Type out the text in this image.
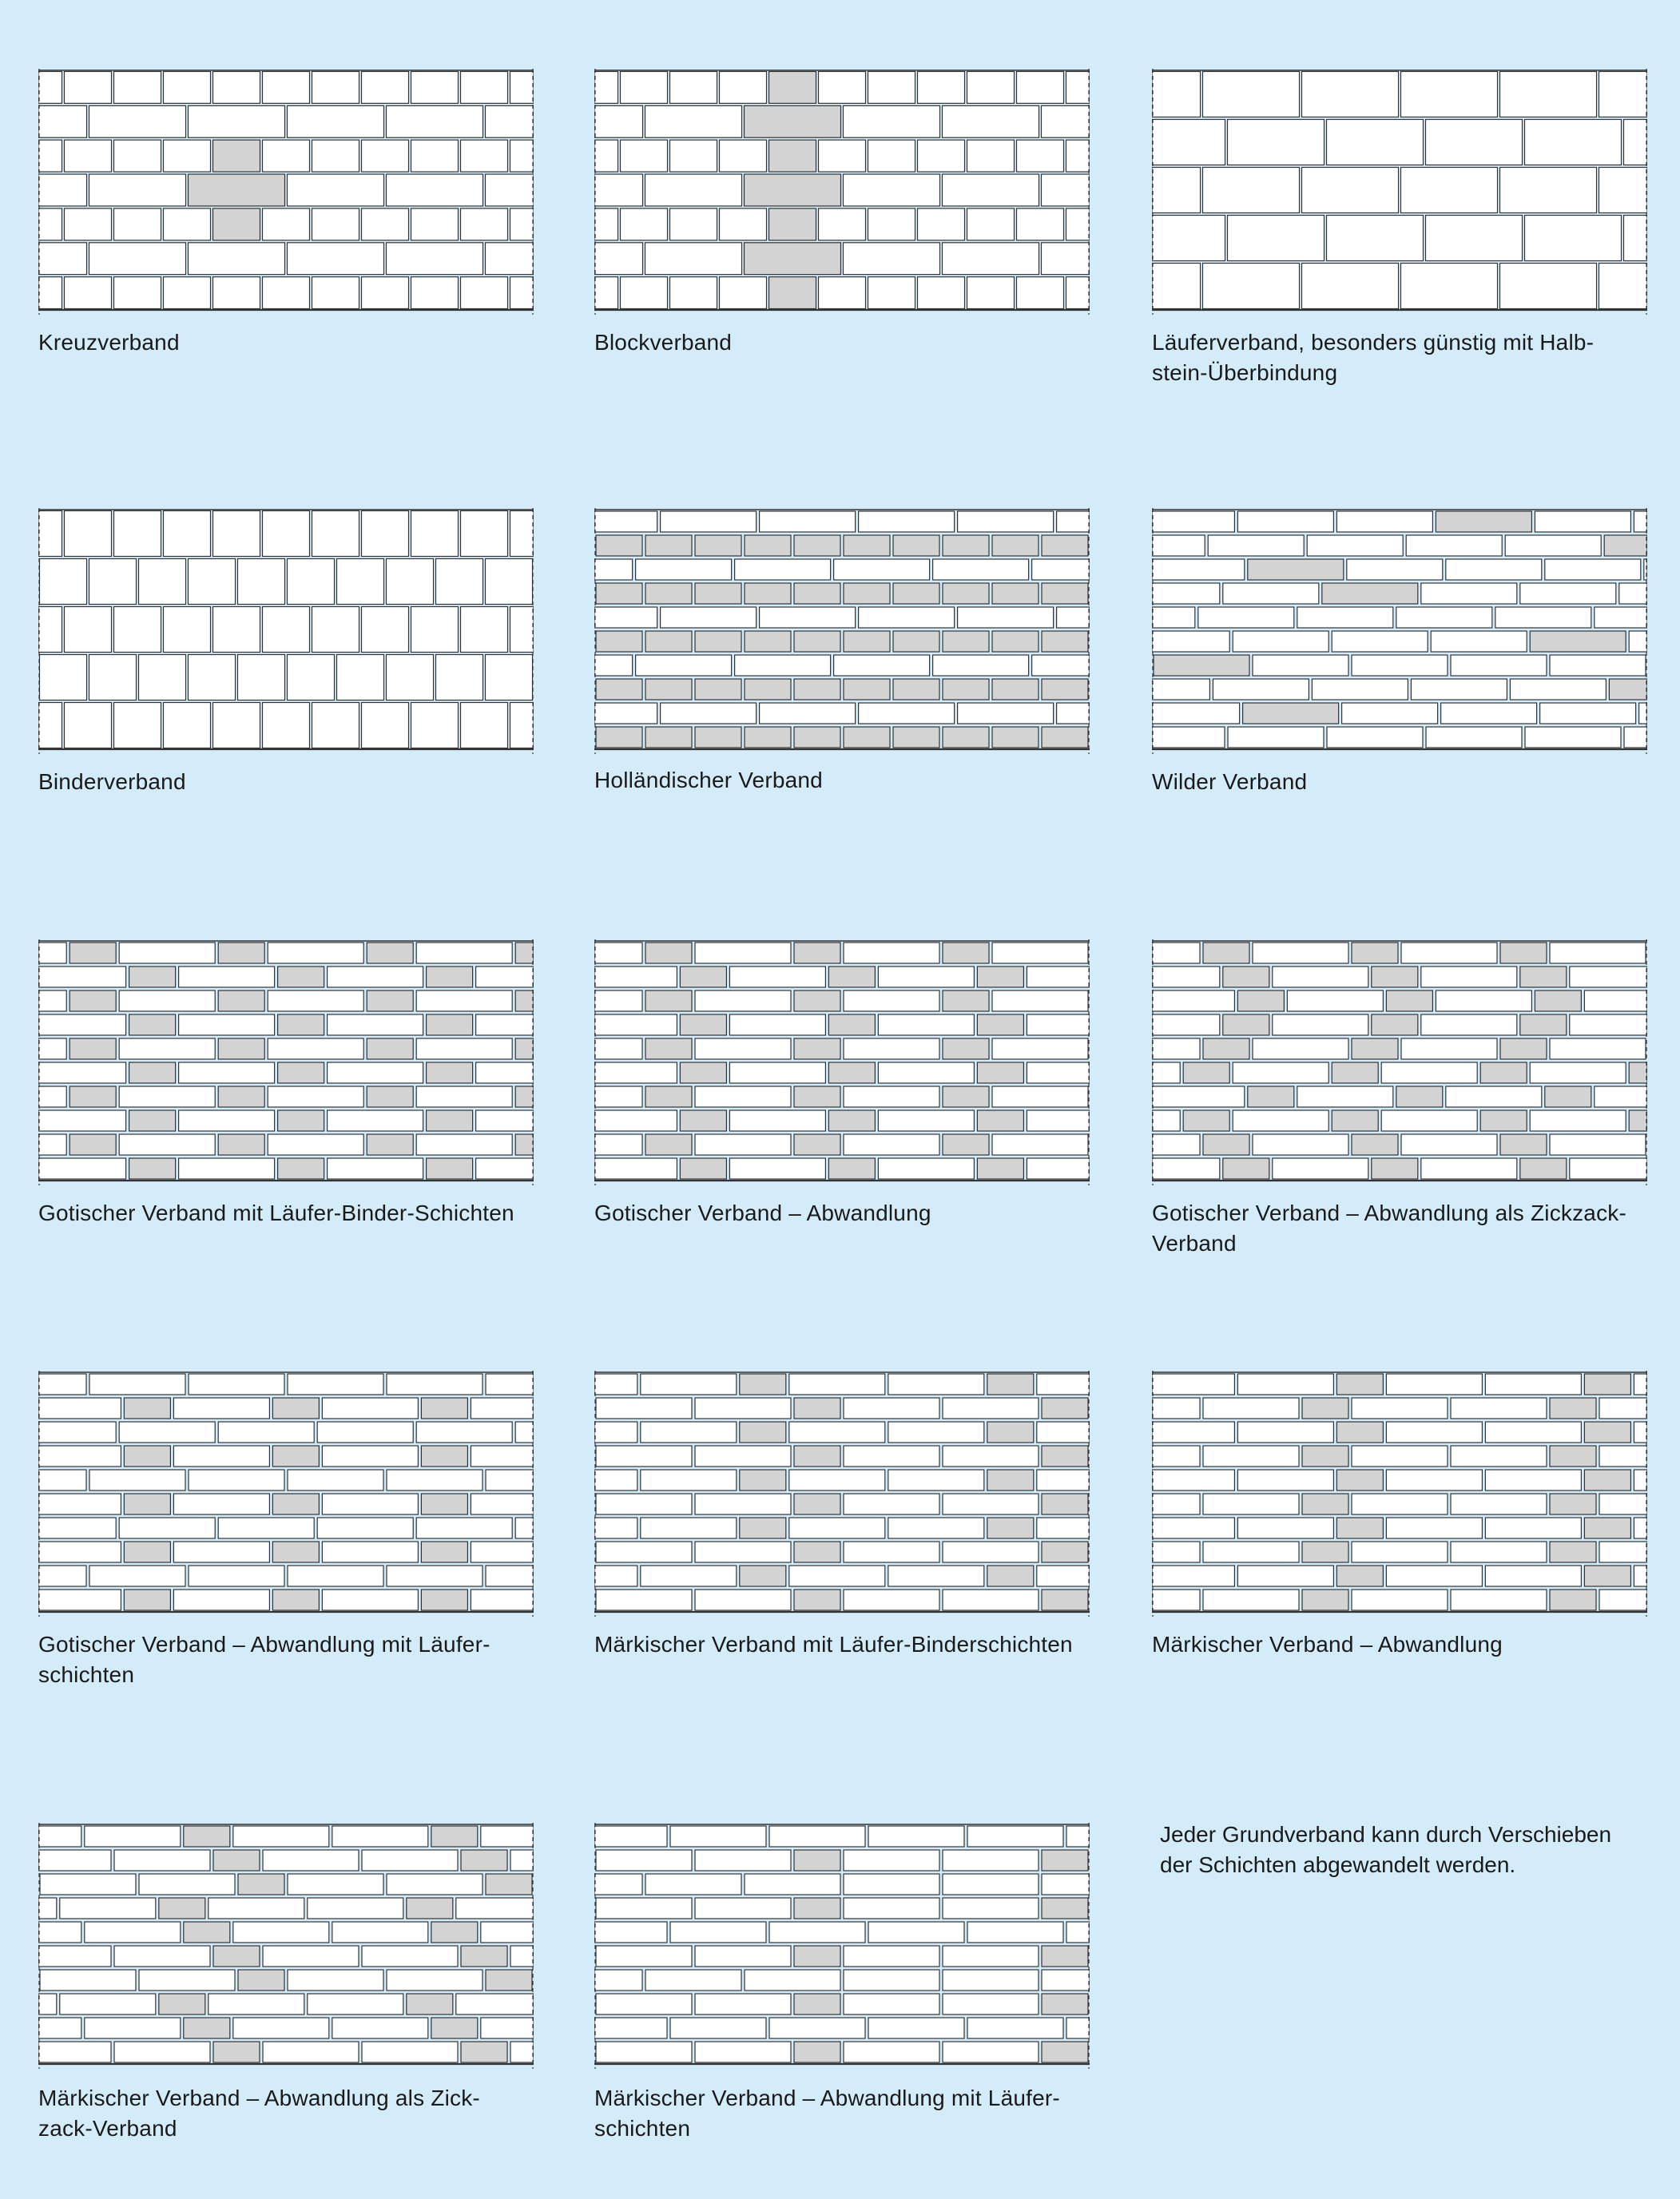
Kreuzverband	Blockverband	Läuferverband, besonders günstig mit Halb-
stein-Überbindung
Binderverband	Holländischer Verband	Wilder Verband
Gotischer Verband mit Läufer-Binder-Schichten	Gotischer Verband – Abwandlung	Gotischer Verband – Abwandlung als Zickzack-
Verband
Gotischer Verband – Abwandlung mit Läufer-
schichten
Märkischer Verband mit Läufer-Binderschichten	Märkischer Verband – Abwandlung
Märkischer Verband – Abwandlung als Zick-
zack-Verband
Märkischer Verband – Abwandlung mit Läufer-
schichten
Jeder Grundverband kann durch Verschieben
der Schichten abgewandelt werden.
